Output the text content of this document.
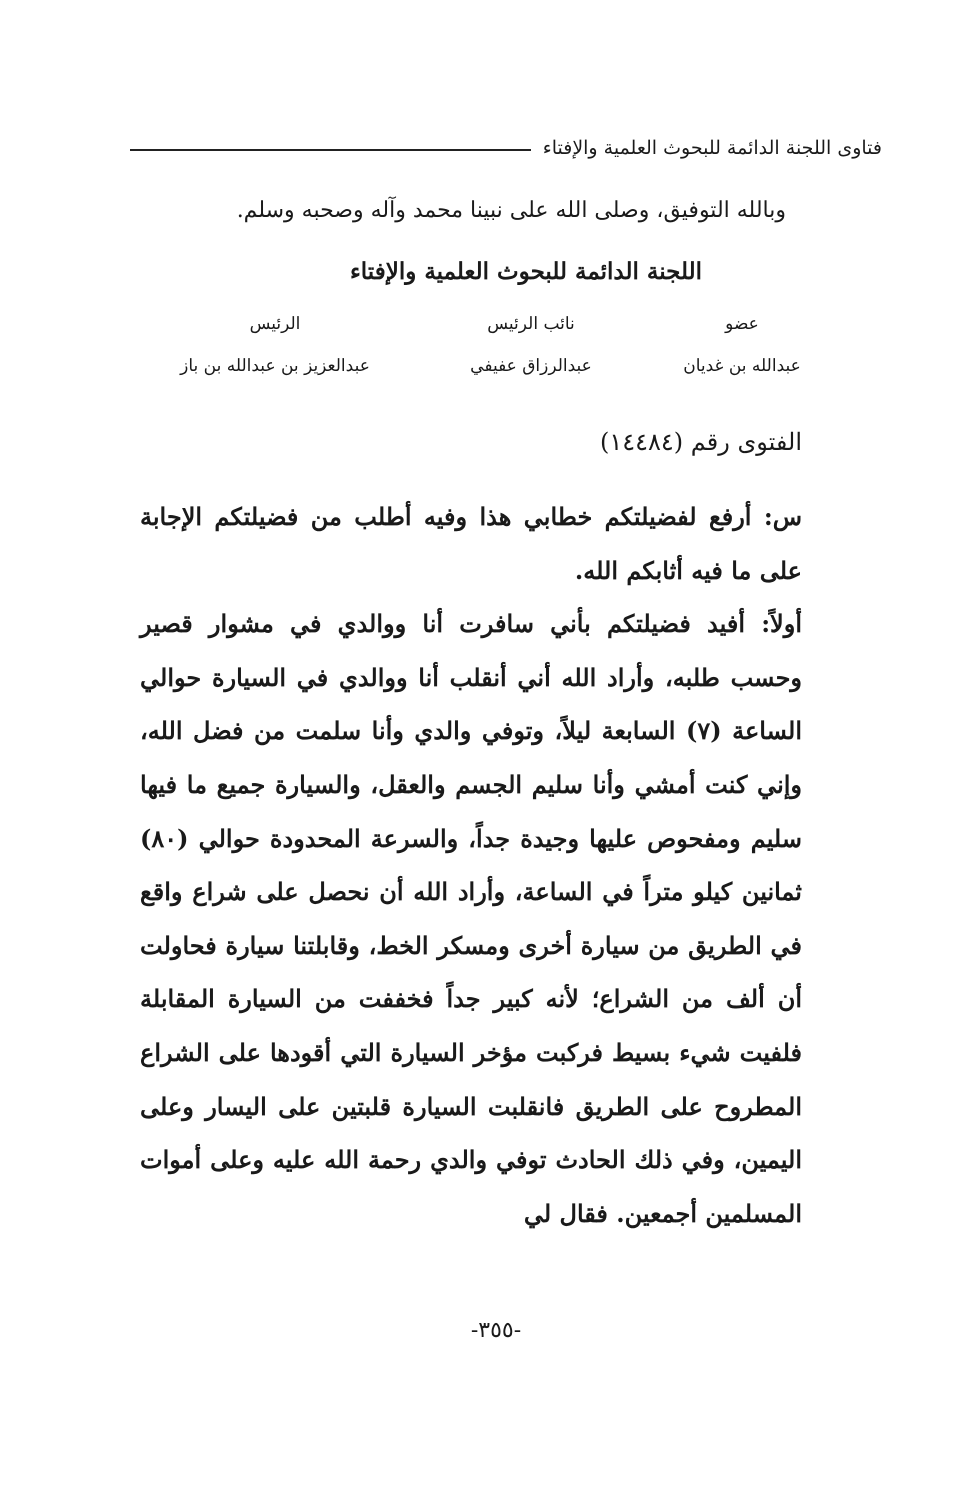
فتاوى اللجنة الدائمة للبحوث العلمية والإفتاء
وبالله التوفيق، وصلى الله على نبينا محمد وآله وصحبه وسلم.
اللجنة الدائمة للبحوث العلمية والإفتاء
عضو
نائب الرئيس
الرئيس
عبدالله بن غديان
عبدالرزاق عفيفي
عبدالعزيز بن عبدالله بن باز
الفتوى رقم (١٤٤٨٤)

س: أرفع لفضيلتكم خطابي هذا وفيه أطلب من فضيلتكم الإجابة على ما فيه أثابكم الله.

أولاً: أفيد فضيلتكم بأني سافرت أنا ووالدي في مشوار قصير وحسب طلبه، وأراد الله أني أنقلب أنا ووالدي في السيارة حوالي الساعة (٧) السابعة ليلاً، وتوفي والدي وأنا سلمت من فضل الله، وإني كنت أمشي وأنا سليم الجسم والعقل، والسيارة جميع ما فيها سليم ومفحوص عليها وجيدة جداً، والسرعة المحدودة حوالي (٨٠) ثمانين كيلو متراً في الساعة، وأراد الله أن نحصل على شراع واقع في الطريق من سيارة أخرى ومسكر الخط، وقابلتنا سيارة فحاولت أن ألف من الشراع؛ لأنه كبير جداً فخففت من السيارة المقابلة فلفيت شيء بسيط فركبت مؤخر السيارة التي أقودها على الشراع المطروح على الطريق فانقلبت السيارة قلبتين على اليسار وعلى اليمين، وفي ذلك الحادث توفي والدي رحمة الله عليه وعلى أموات المسلمين أجمعين. فقال لي

-٣٥٥-
